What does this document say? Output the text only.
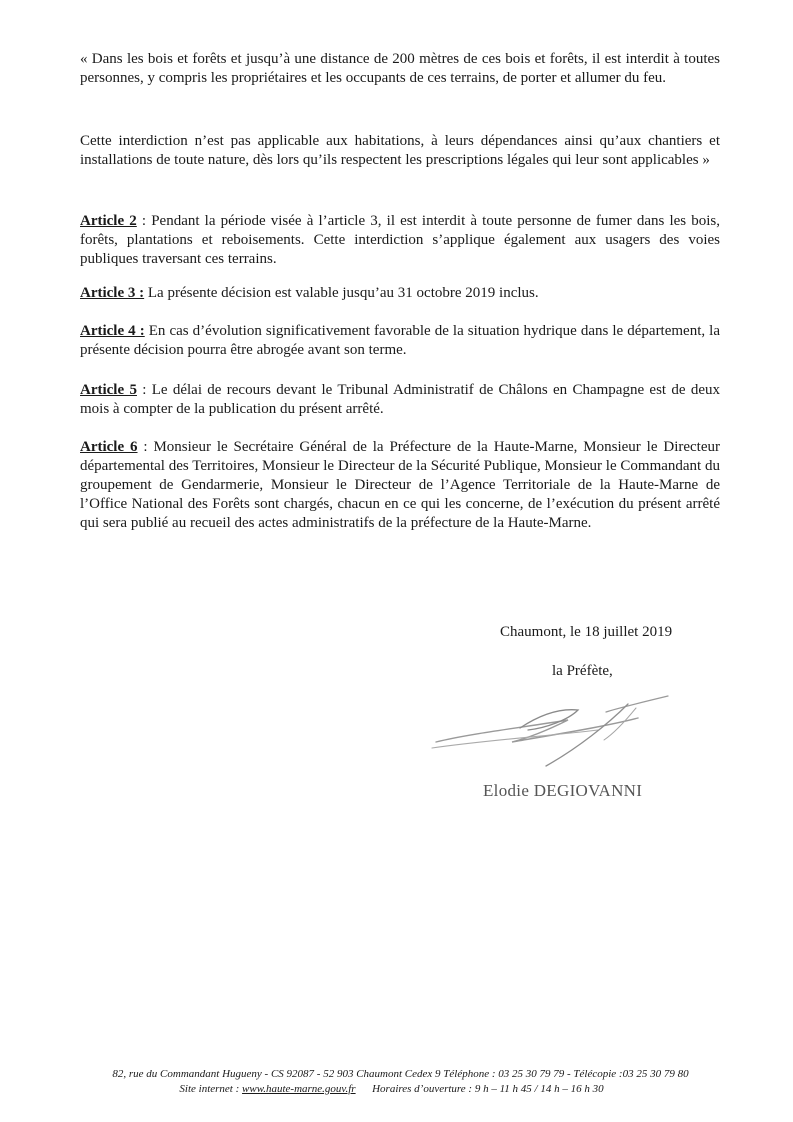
« Dans les bois et forêts et jusqu’à une distance de 200 mètres de ces bois et forêts, il est interdit à toutes personnes, y compris les propriétaires et les occupants de ces terrains, de porter et allumer du feu.

Cette interdiction n’est pas applicable aux habitations, à leurs dépendances ainsi qu’aux chantiers et installations de toute nature, dès lors qu’ils respectent les prescriptions légales qui leur sont applicables »

Article 2 : Pendant la période visée à l’article 3, il est interdit à toute personne de fumer dans les bois, forêts, plantations et reboisements. Cette interdiction s’applique également aux usagers des voies publiques traversant ces terrains.

Article 3 : La présente décision est valable jusqu’au 31 octobre 2019 inclus.

Article 4 : En cas d’évolution significativement favorable de la situation hydrique dans le département, la présente décision pourra être abrogée avant son terme.

Article 5 : Le délai de recours devant le Tribunal Administratif de Châlons en Champagne est de deux mois à compter de la publication du présent arrêté.

Article 6 : Monsieur le Secrétaire Général de la Préfecture de la Haute-Marne, Monsieur le Directeur départemental des Territoires, Monsieur le Directeur de la Sécurité Publique, Monsieur le Commandant du groupement de Gendarmerie, Monsieur le Directeur de l’Agence Territoriale de la Haute-Marne de l’Office National des Forêts sont chargés, chacun en ce qui les concerne, de l’exécution du présent arrêté qui sera publié au recueil des actes administratifs de la préfecture de la Haute-Marne.

Chaumont, le 18 juillet 2019

la Préfète,

Elodie DEGIOVANNI

82, rue du Commandant Hugueny - CS 92087 - 52 903 Chaumont Cedex 9 Téléphone : 03 25 30 79 79 - Télécopie :03 25 30 79 80

Site internet : www.haute-marne.gouv.fr Horaires d’ouverture : 9 h – 11 h 45 / 14 h – 16 h 30
